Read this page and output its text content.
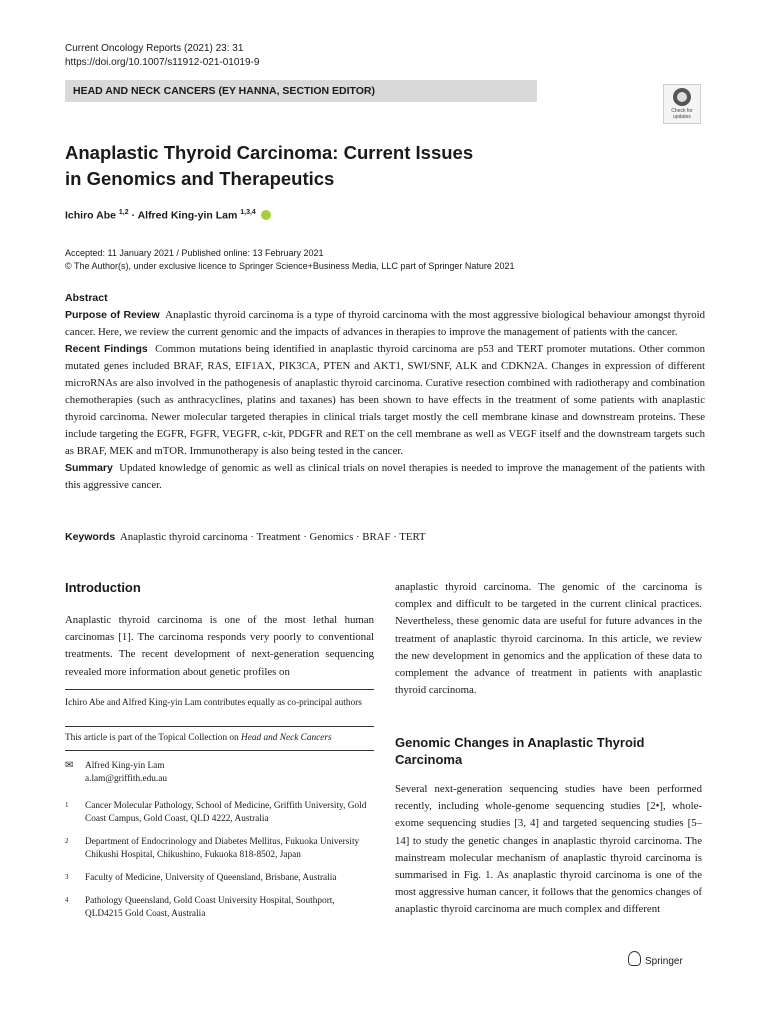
Current Oncology Reports (2021) 23: 31
https://doi.org/10.1007/s11912-021-01019-9
HEAD AND NECK CANCERS (EY HANNA, SECTION EDITOR)
Check for updates
Anaplastic Thyroid Carcinoma: Current Issues
in Genomics and Therapeutics
Ichiro Abe $^{1,2}$ · Alfred King-yin Lam $^{1,3,4}$
Accepted: 11 January 2021 / Published online: 13 February 2021
© The Author(s), under exclusive licence to Springer Science+Business Media, LLC part of Springer Nature 2021

Abstract

Purpose of Review Anaplastic thyroid carcinoma is a type of thyroid carcinoma with the most aggressive biological behaviour amongst thyroid cancer. Here, we review the current genomic and the impacts of advances in therapies to improve the management of patients with the cancer.

Recent Findings Common mutations being identified in anaplastic thyroid carcinoma are p53 and TERT promoter mutations. Other common mutated genes included BRAF, RAS, EIF1AX, PIK3CA, PTEN and AKT1, SWI/SNF, ALK and CDKN2A. Changes in expression of different microRNAs are also involved in the pathogenesis of anaplastic thyroid carcinoma. Curative resection combined with radiotherapy and combination chemotherapies (such as anthracyclines, platins and taxanes) has been shown to have effects in the treatment of some patients with anaplastic thyroid carcinoma. Newer molecular targeted therapies in clinical trials target mostly the cell membrane kinase and downstream proteins. These include targeting the EGFR, FGFR, VEGFR, c-kit, PDGFR and RET on the cell membrane as well as VEGF itself and the downstream targets such as BRAF, MEK and mTOR. Immunotherapy is also being tested in the cancer.

Summary Updated knowledge of genomic as well as clinical trials on novel therapies is needed to improve the management of the patients with this aggressive cancer.

Keywords Anaplastic thyroid carcinoma · Treatment · Genomics · BRAF · TERT
Introduction

Anaplastic thyroid carcinoma is one of the most lethal human carcinomas [1]. The carcinoma responds very poorly to conventional treatments. The recent development of next-generation sequencing revealed more information about genetic profiles on

Ichiro Abe and Alfred King-yin Lam contributes equally as co-principal authors
This article is part of the Topical Collection on Head and Neck Cancers
✉	Alfred King-yin Lam
a.lam@griffith.edu.au
1	Cancer Molecular Pathology, School of Medicine, Griffith University, Gold Coast Campus, Gold Coast, QLD 4222, Australia
2	Department of Endocrinology and Diabetes Mellitus, Fukuoka University Chikushi Hospital, Chikushino, Fukuoka 818-8502, Japan
3	Faculty of Medicine, University of Queensland, Brisbane, Australia
4	Pathology Queensland, Gold Coast University Hospital, Southport, QLD4215 Gold Coast, Australia

anaplastic thyroid carcinoma. The genomic of the carcinoma is complex and difficult to be targeted in the current clinical practices. Nevertheless, these genomic data are useful for future advances in the treatment of anaplastic thyroid carcinoma. In this article, we review the new development in genomics and the application of these data to complement the advance of treatment in patients with anaplastic thyroid carcinoma.

Genomic Changes in Anaplastic Thyroid Carcinoma

Several next-generation sequencing studies have been performed recently, including whole-genome sequencing studies [2•], whole-exome sequencing studies [3, 4] and targeted sequencing studies [5–14] to study the genetic changes in anaplastic thyroid carcinoma. The mainstream molecular mechanism of anaplastic thyroid carcinoma is summarised in Fig. 1. As anaplastic thyroid carcinoma is one of the most aggressive human cancer, it follows that the genomics changes of anaplastic thyroid carcinoma are much complex and different

Springer
